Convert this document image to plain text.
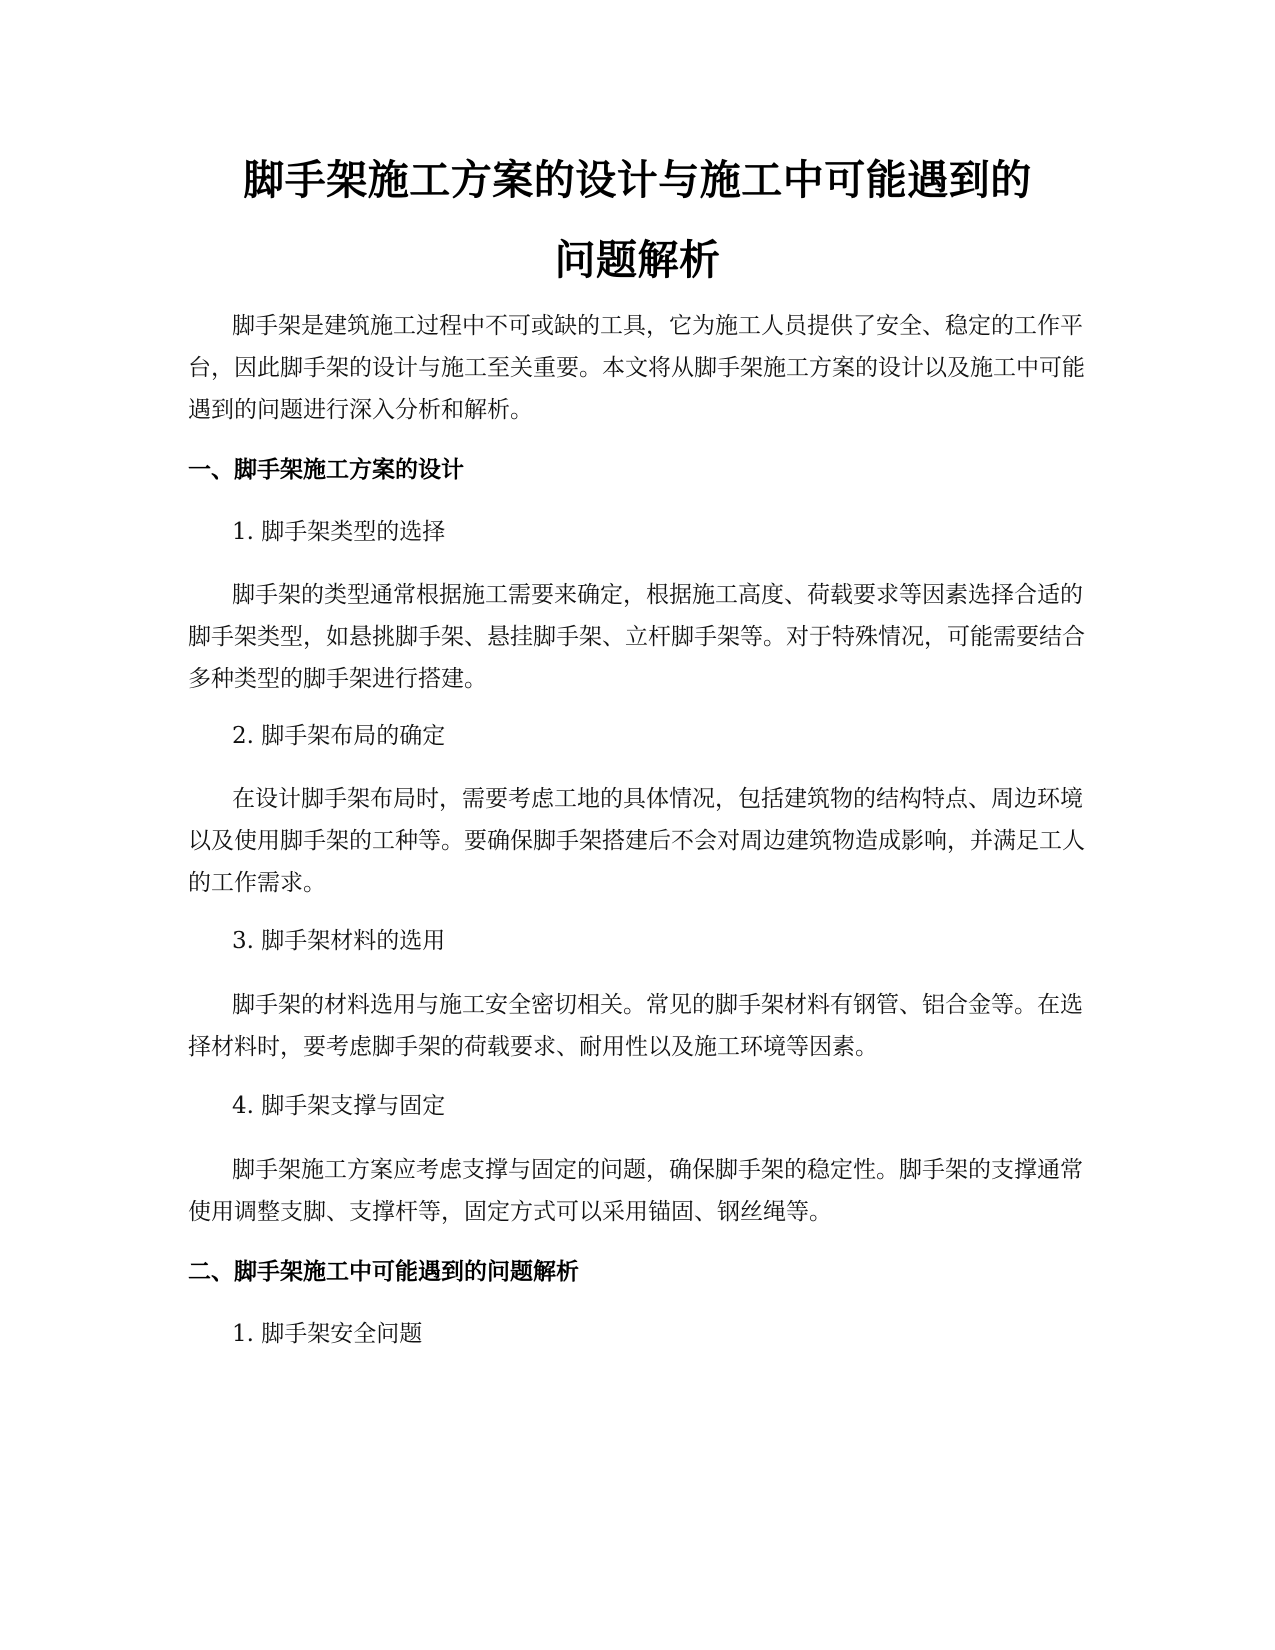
脚手架施工方案的设计与施工中可能遇到的
问题解析

脚手架是建筑施工过程中不可或缺的工具，它为施工人员提供了安全、稳定的工作平台，因此脚手架的设计与施工至关重要。本文将从脚手架施工方案的设计以及施工中可能遇到的问题进行深入分析和解析。

一、脚手架施工方案的设计

1. 脚手架类型的选择

脚手架的类型通常根据施工需要来确定，根据施工高度、荷载要求等因素选择合适的脚手架类型，如悬挑脚手架、悬挂脚手架、立杆脚手架等。对于特殊情况，可能需要结合多种类型的脚手架进行搭建。

2. 脚手架布局的确定

在设计脚手架布局时，需要考虑工地的具体情况，包括建筑物的结构特点、周边环境以及使用脚手架的工种等。要确保脚手架搭建后不会对周边建筑物造成影响，并满足工人的工作需求。

3. 脚手架材料的选用

脚手架的材料选用与施工安全密切相关。常见的脚手架材料有钢管、铝合金等。在选择材料时，要考虑脚手架的荷载要求、耐用性以及施工环境等因素。

4. 脚手架支撑与固定

脚手架施工方案应考虑支撑与固定的问题，确保脚手架的稳定性。脚手架的支撑通常使用调整支脚、支撑杆等，固定方式可以采用锚固、钢丝绳等。

二、脚手架施工中可能遇到的问题解析

1. 脚手架安全问题
